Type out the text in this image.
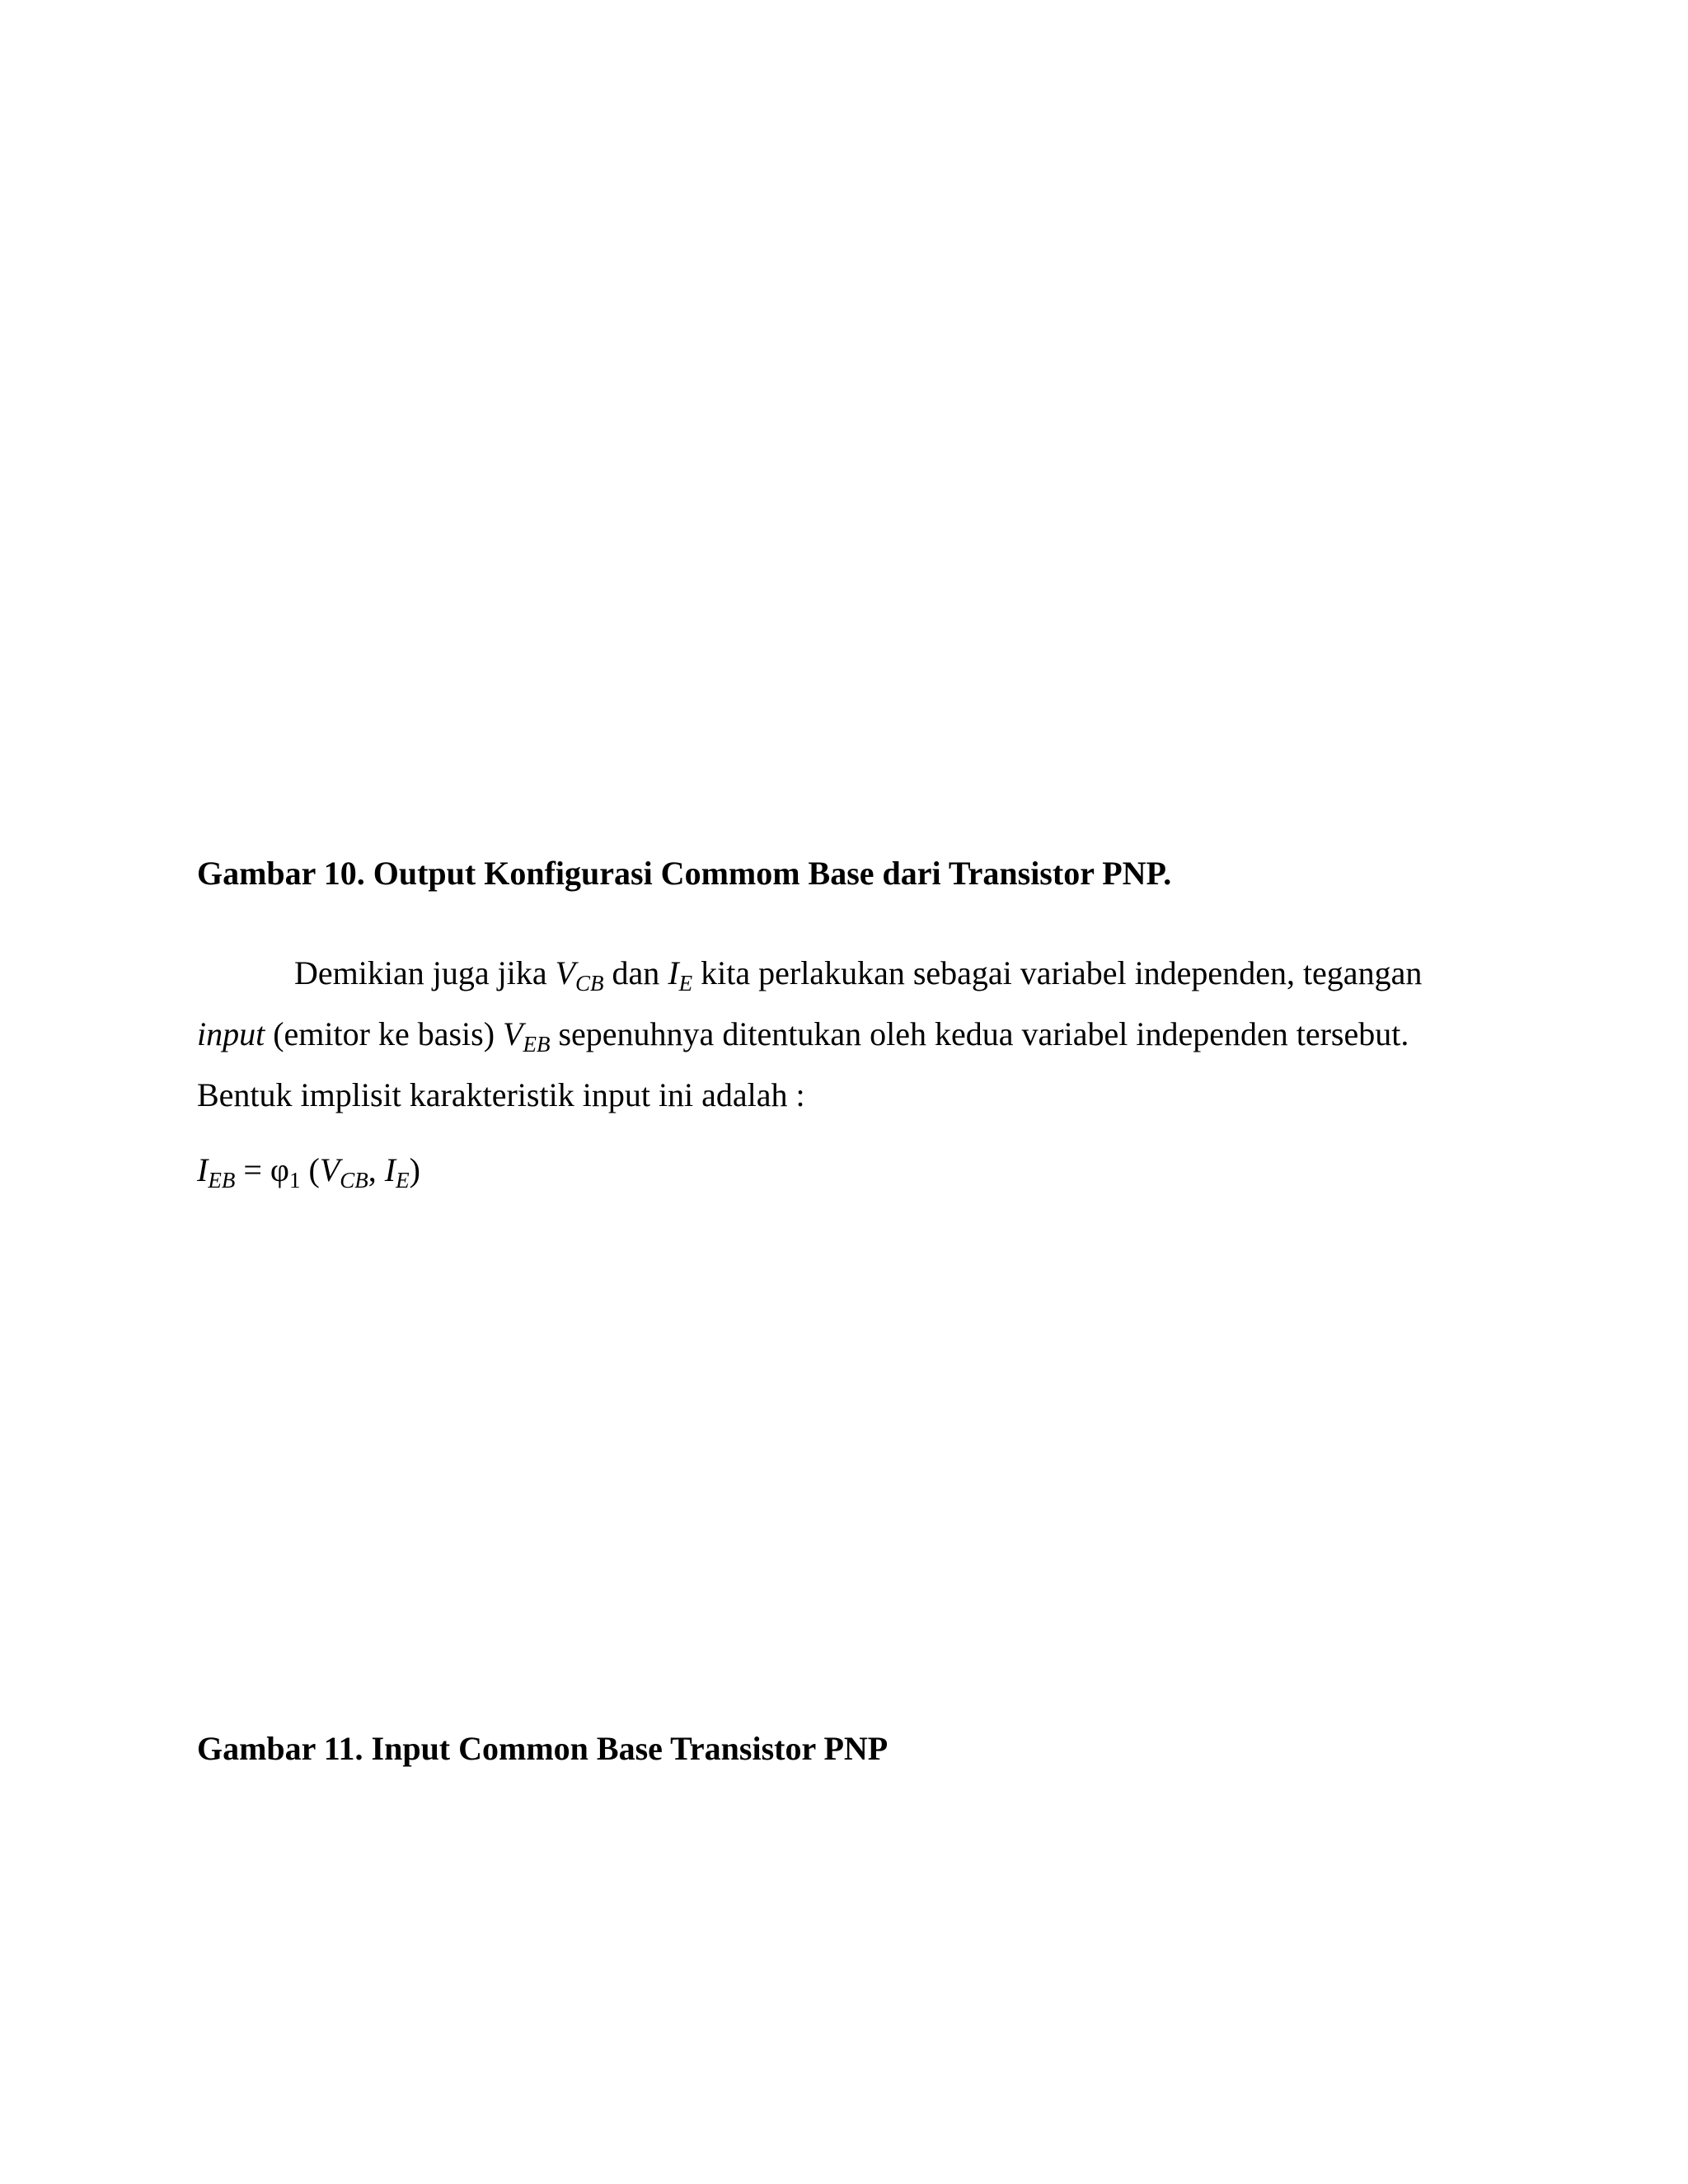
Gambar 10. Output Konfigurasi Commom Base dari Transistor PNP.
Demikian juga jika $V_{CB}$ dan $I_E$ kita perlakukan sebagai variabel independen, tegangan
input (emitor ke basis) $V_{EB}$ sepenuhnya ditentukan oleh kedua variabel independen tersebut.
Bentuk implisit karakteristik input ini adalah :
$I_{EB} = \varphi_1$ ($V_{CB}$, $I_E$)
Gambar 11. Input Common Base Transistor PNP
